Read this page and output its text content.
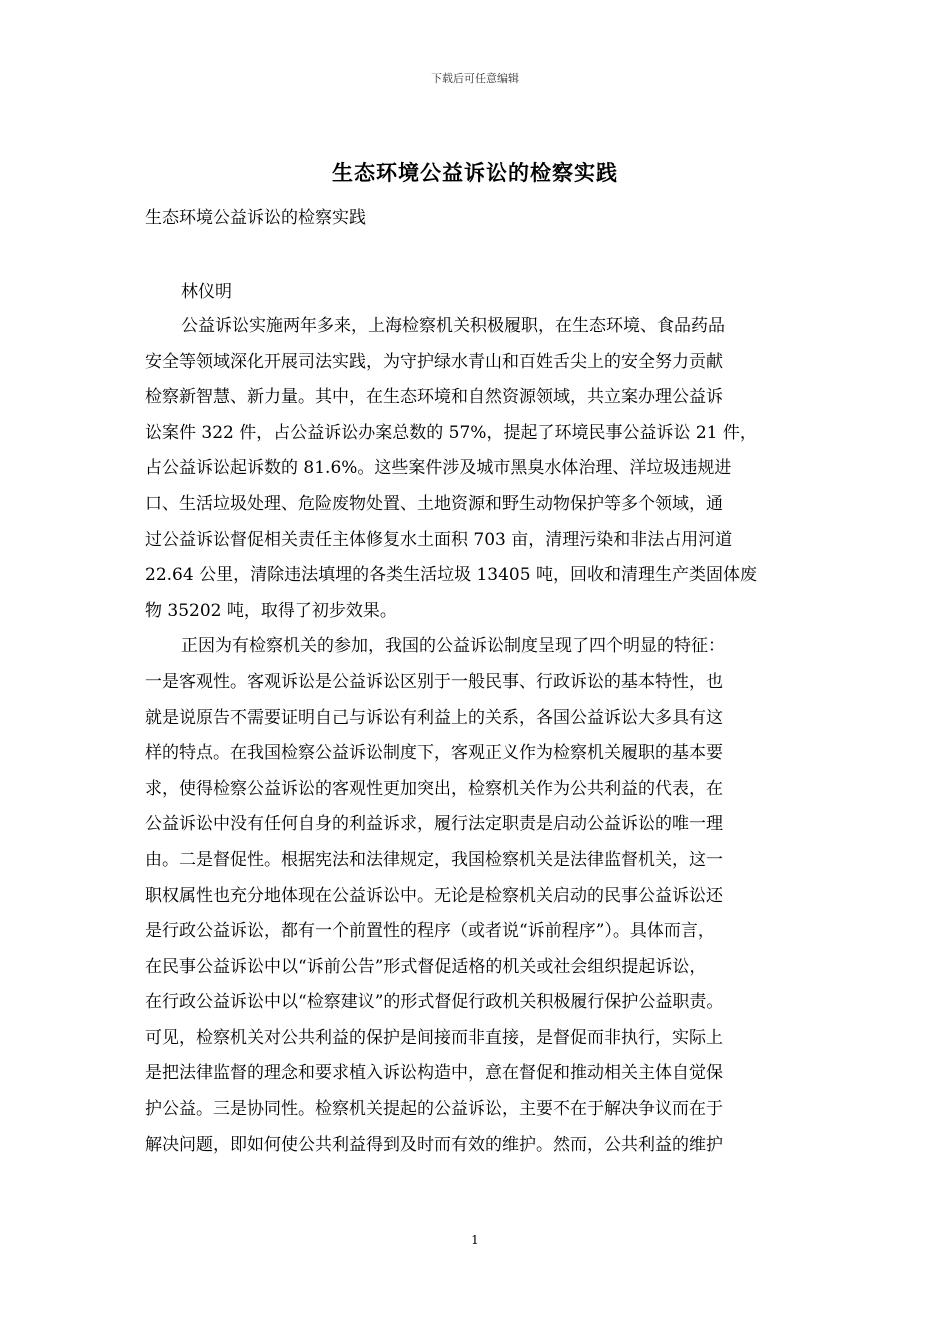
下载后可任意编辑
生态环境公益诉讼的检察实践
生态环境公益诉讼的检察实践
林仪明
公益诉讼实施两年多来，上海检察机关积极履职，在生态环境、食品药品
安全等领域深化开展司法实践，为守护绿水青山和百姓舌尖上的安全努力贡献
检察新智慧、新力量。其中，在生态环境和自然资源领域，共立案办理公益诉
讼案件 322 件，占公益诉讼办案总数的 57%，提起了环境民事公益诉讼 21 件，
占公益诉讼起诉数的 81.6%。这些案件涉及城市黑臭水体治理、洋垃圾违规进
口、生活垃圾处理、危险废物处置、土地资源和野生动物保护等多个领域，通
过公益诉讼督促相关责任主体修复水土面积 703 亩，清理污染和非法占用河道
22.64 公里，清除违法填埋的各类生活垃圾 13405 吨，回收和清理生产类固体废
物 35202 吨，取得了初步效果。
正因为有检察机关的参加，我国的公益诉讼制度呈现了四个明显的特征：
一是客观性。客观诉讼是公益诉讼区别于一般民事、行政诉讼的基本特性，也
就是说原告不需要证明自己与诉讼有利益上的关系，各国公益诉讼大多具有这
样的特点。在我国检察公益诉讼制度下，客观正义作为检察机关履职的基本要
求，使得检察公益诉讼的客观性更加突出，检察机关作为公共利益的代表，在
公益诉讼中没有任何自身的利益诉求，履行法定职责是启动公益诉讼的唯一理
由。二是督促性。根据宪法和法律规定，我国检察机关是法律监督机关，这一
职权属性也充分地体现在公益诉讼中。无论是检察机关启动的民事公益诉讼还
是行政公益诉讼，都有一个前置性的程序（或者说“诉前程序”）。具体而言，
在民事公益诉讼中以“诉前公告”形式督促适格的机关或社会组织提起诉讼，
在行政公益诉讼中以“检察建议”的形式督促行政机关积极履行保护公益职责。
可见，检察机关对公共利益的保护是间接而非直接，是督促而非执行，实际上
是把法律监督的理念和要求植入诉讼构造中，意在督促和推动相关主体自觉保
护公益。三是协同性。检察机关提起的公益诉讼，主要不在于解决争议而在于
解决问题，即如何使公共利益得到及时而有效的维护。然而，公共利益的维护
1
